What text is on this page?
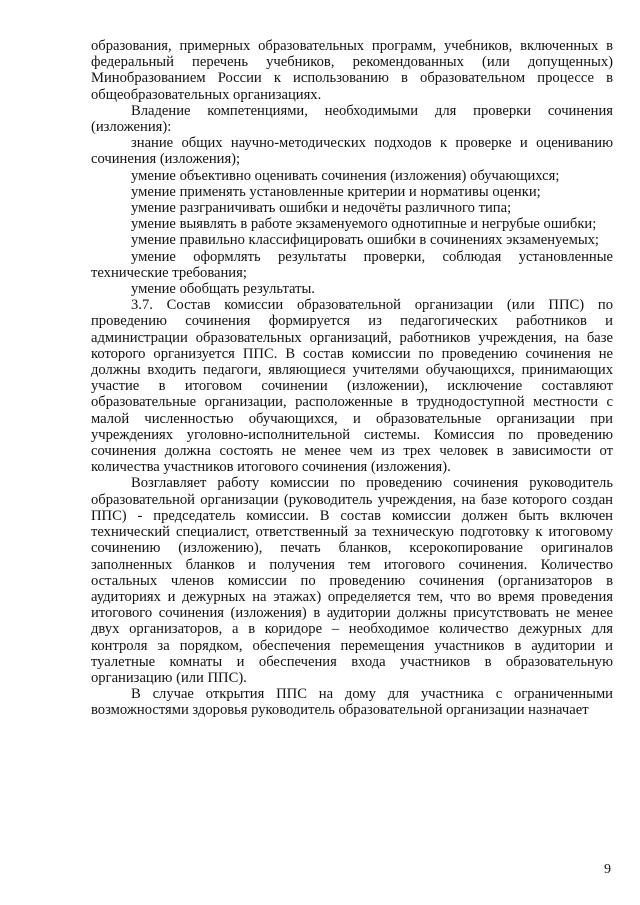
образования, примерных образовательных программ, учебников, включенных в федеральный перечень учебников, рекомендованных (или допущенных) Минобразованием России к использованию в образовательном процессе в общеобразовательных организациях.

Владение компетенциями, необходимыми для проверки сочинения (изложения):

знание общих научно-методических подходов к проверке и оцениванию сочинения (изложения);

умение объективно оценивать сочинения (изложения) обучающихся;

умение применять установленные критерии и нормативы оценки;

умение разграничивать ошибки и недочёты различного типа;

умение выявлять в работе экзаменуемого однотипные и негрубые ошибки;

умение правильно классифицировать ошибки в сочинениях экзаменуемых;

умение оформлять результаты проверки, соблюдая установленные технические требования;

умение обобщать результаты.

3.7. Состав комиссии образовательной организации (или ППС) по проведению сочинения формируется из педагогических работников и администрации образовательных организаций, работников учреждения, на базе которого организуется ППС. В состав комиссии по проведению сочинения не должны входить педагоги, являющиеся учителями обучающихся, принимающих участие в итоговом сочинении (изложении), исключение составляют образовательные организации, расположенные в труднодоступной местности с малой численностью обучающихся, и образовательные организации при учреждениях уголовно-исполнительной системы. Комиссия по проведению сочинения должна состоять не менее чем из трех человек в зависимости от количества участников итогового сочинения (изложения).

Возглавляет работу комиссии по проведению сочинения руководитель образовательной организации (руководитель учреждения, на базе которого создан ППС) - председатель комиссии. В состав комиссии должен быть включен технический специалист, ответственный за техническую подготовку к итоговому сочинению (изложению), печать бланков, ксерокопирование оригиналов заполненных бланков и получения тем итогового сочинения. Количество остальных членов комиссии по проведению сочинения (организаторов в аудиториях и дежурных на этажах) определяется тем, что во время проведения итогового сочинения (изложения) в аудитории должны присутствовать не менее двух организаторов, а в коридоре – необходимое количество дежурных для контроля за порядком, обеспечения перемещения участников в аудитории и туалетные комнаты и обеспечения входа участников в образовательную организацию (или ППС).

В случае открытия ППС на дому для участника с ограниченными возможностями здоровья руководитель образовательной организации назначает

9
